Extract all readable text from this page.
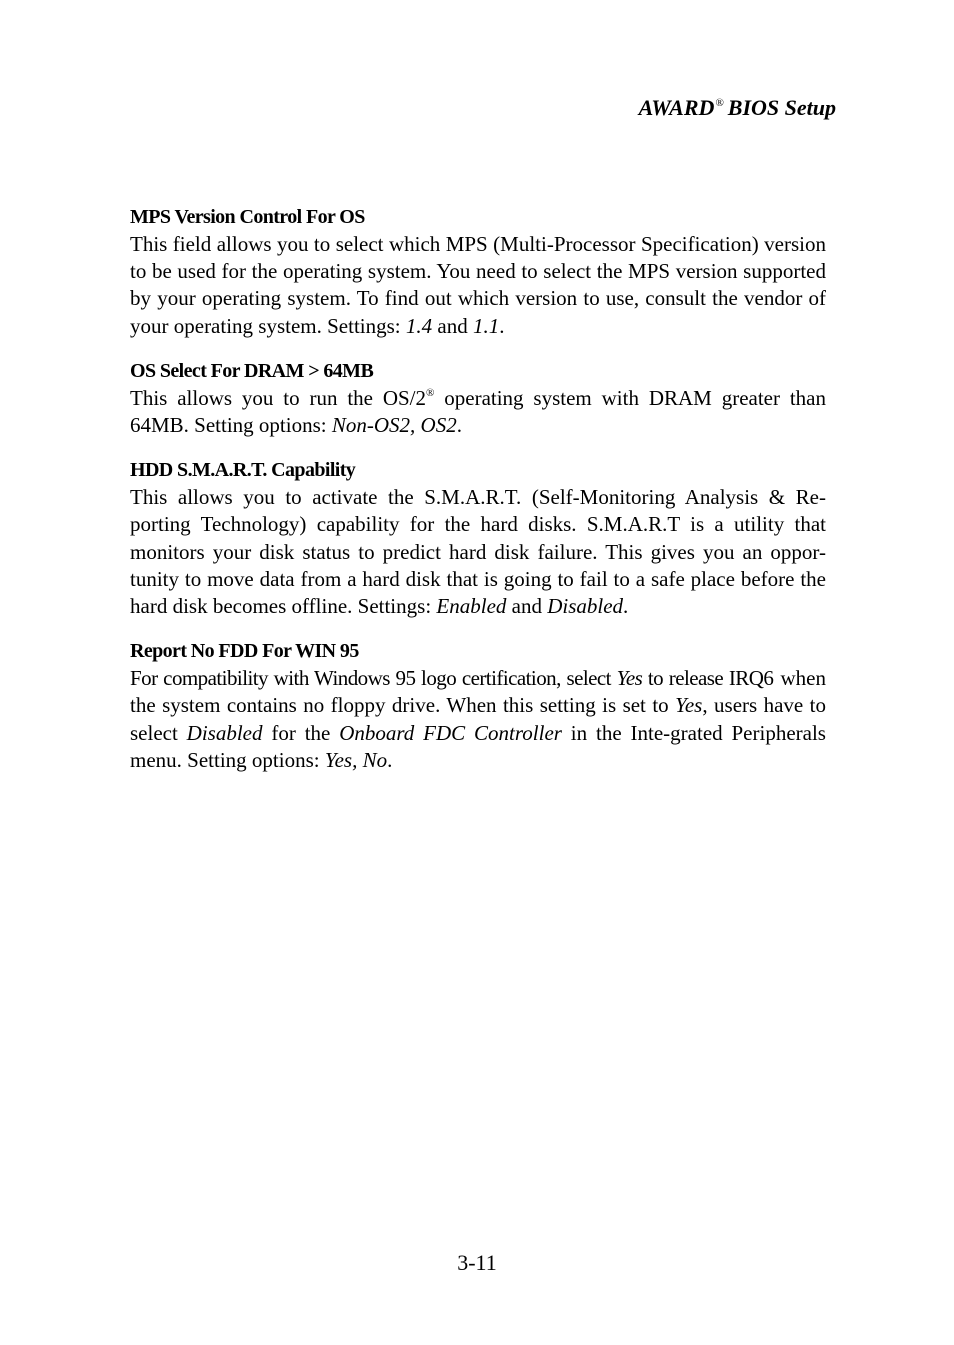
AWARD® BIOS Setup
MPS Version Control For OS

This field allows you to select which MPS (Multi-Processor Specification) version to be used for the operating system. You need to select the MPS version supported by your operating system. To find out which version to use, consult the vendor of your operating system. Settings: 1.4 and 1.1.

OS Select For DRAM > 64MB

This allows you to run the OS/2® operating system with DRAM greater than 64MB. Setting options: Non-OS2, OS2.

HDD S.M.A.R.T. Capability

This allows you to activate the S.M.A.R.T. (Self-Monitoring Analysis & Re-porting Technology) capability for the hard disks. S.M.A.R.T is a utility that monitors your disk status to predict hard disk failure. This gives you an oppor-tunity to move data from a hard disk that is going to fail to a safe place before the hard disk becomes offline. Settings: Enabled and Disabled.

Report No FDD For WIN 95

For compatibility with Windows 95 logo certification, select Yes to release IRQ6 when the system contains no floppy drive. When this setting is set to Yes, users have to select Disabled for the Onboard FDC Controller in the Inte-grated Peripherals menu. Setting options: Yes, No.

3-11
